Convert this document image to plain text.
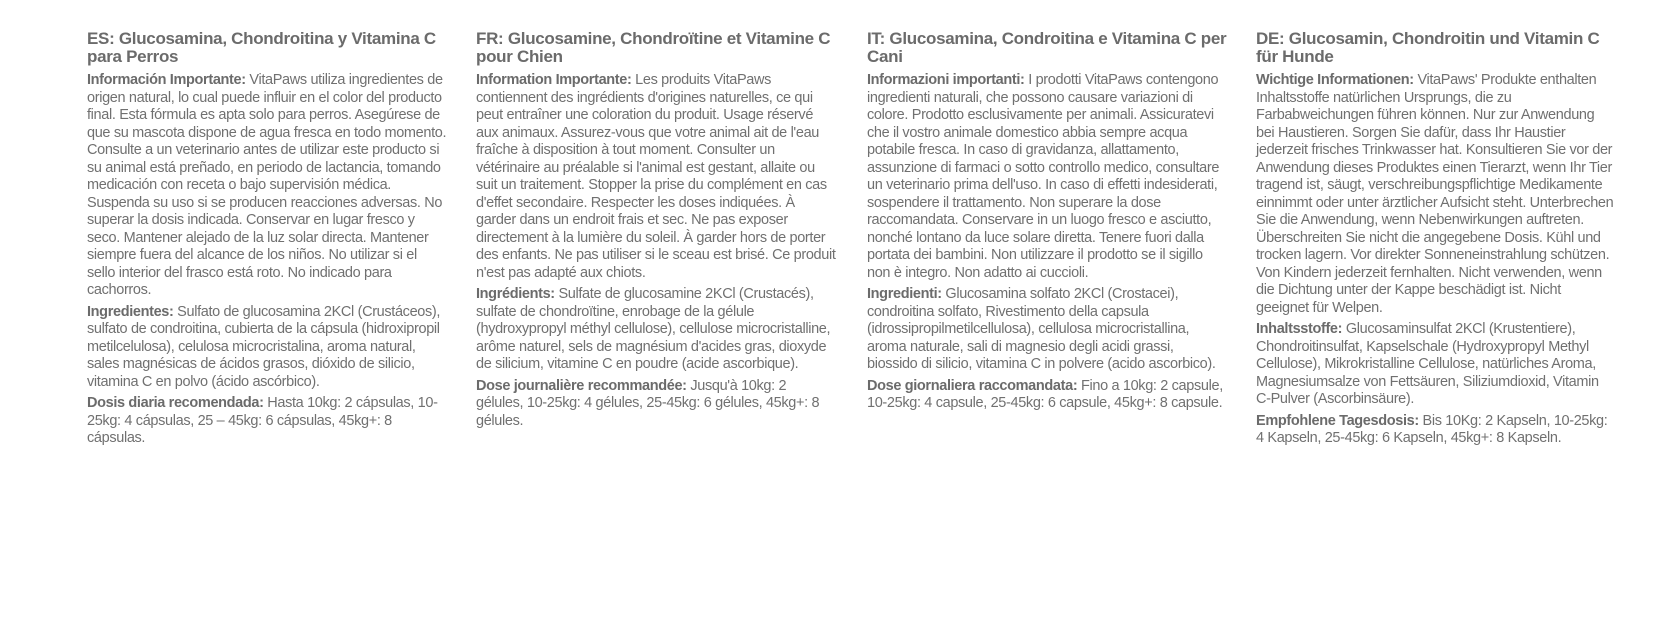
ES: Glucosamina, Chondroitina y Vitamina C para Perros

Información Importante: VitaPaws utiliza ingredientes de origen natural, lo cual puede influir en el color del producto final. Esta fórmula es apta solo para perros. Asegúrese de que su mascota dispone de agua fresca en todo momento. Consulte a un veterinario antes de utilizar este producto si su animal está preñado, en periodo de lactancia, tomando medicación con receta o bajo supervisión médica. Suspenda su uso si se producen reacciones adversas. No superar la dosis indicada. Conservar en lugar fresco y seco. Mantener alejado de la luz solar directa. Mantener siempre fuera del alcance de los niños. No utilizar si el sello interior del frasco está roto. No indicado para cachorros.

Ingredientes: Sulfato de glucosamina 2KCl (Crustáceos), sulfato de condroitina, cubierta de la cápsula (hidroxipropil metilcelulosa), celulosa microcristalina, aroma natural, sales magnésicas de ácidos grasos, dióxido de silicio, vitamina C en polvo (ácido ascórbico).

Dosis diaria recomendada: Hasta 10kg: 2 cápsulas, 10-25kg: 4 cápsulas, 25 – 45kg: 6 cápsulas, 45kg+: 8 cápsulas.

FR: Glucosamine, Chondroïtine et Vitamine C pour Chien

Information Importante: Les produits VitaPaws contiennent des ingrédients d'origines naturelles, ce qui peut entraîner une coloration du produit. Usage réservé aux animaux. Assurez-vous que votre animal ait de l'eau fraîche à disposition à tout moment. Consulter un vétérinaire au préalable si l'animal est gestant, allaite ou suit un traitement. Stopper la prise du complément en cas d'effet secondaire. Respecter les doses indiquées. À garder dans un endroit frais et sec. Ne pas exposer directement à la lumière du soleil. À garder hors de porter des enfants. Ne pas utiliser si le sceau est brisé. Ce produit n'est pas adapté aux chiots.

Ingrédients: Sulfate de glucosamine 2KCl (Crustacés), sulfate de chondroïtine, enrobage de la gélule (hydroxypropyl méthyl cellulose), cellulose microcristalline, arôme naturel, sels de magnésium d'acides gras, dioxyde de silicium, vitamine C en poudre (acide ascorbique).

Dose journalière recommandée: Jusqu'à 10kg: 2 gélules, 10-25kg: 4 gélules, 25-45kg: 6 gélules, 45kg+: 8 gélules.

IT: Glucosamina, Condroitina e Vitamina C per Cani

Informazioni importanti: I prodotti VitaPaws contengono ingredienti naturali, che possono causare variazioni di colore. Prodotto esclusivamente per animali. Assicuratevi che il vostro animale domestico abbia sempre acqua potabile fresca. In caso di gravidanza, allattamento, assunzione di farmaci o sotto controllo medico, consultare un veterinario prima dell'uso. In caso di effetti indesiderati, sospendere il trattamento. Non superare la dose raccomandata. Conservare in un luogo fresco e asciutto, nonché lontano da luce solare diretta. Tenere fuori dalla portata dei bambini. Non utilizzare il prodotto se il sigillo non è integro. Non adatto ai cuccioli.

Ingredienti: Glucosamina solfato 2KCl (Crostacei), condroitina solfato, Rivestimento della capsula (idrossipropilmetilcellulosa), cellulosa microcristallina, aroma naturale, sali di magnesio degli acidi grassi, biossido di silicio, vitamina C in polvere (acido ascorbico).

Dose giornaliera raccomandata: Fino a 10kg: 2 capsule, 10-25kg: 4 capsule, 25-45kg: 6 capsule, 45kg+: 8 capsule.

DE: Glucosamin, Chondroitin und Vitamin C für Hunde

Wichtige Informationen: VitaPaws' Produkte enthalten Inhaltsstoffe natürlichen Ursprungs, die zu Farbabweichungen führen können. Nur zur Anwendung bei Haustieren. Sorgen Sie dafür, dass Ihr Haustier jederzeit frisches Trinkwasser hat. Konsultieren Sie vor der Anwendung dieses Produktes einen Tierarzt, wenn Ihr Tier tragend ist, säugt, verschreibungspflichtige Medikamente einnimmt oder unter ärztlicher Aufsicht steht. Unterbrechen Sie die Anwendung, wenn Nebenwirkungen auftreten. Überschreiten Sie nicht die angegebene Dosis. Kühl und trocken lagern. Vor direkter Sonneneinstrahlung schützen. Von Kindern jederzeit fernhalten. Nicht verwenden, wenn die Dichtung unter der Kappe beschädigt ist. Nicht geeignet für Welpen.

Inhaltsstoffe: Glucosaminsulfat 2KCl (Krustentiere), Chondroitinsulfat, Kapselschale (Hydroxypropyl Methyl Cellulose), Mikrokristalline Cellulose, natürliches Aroma, Magnesiumsalze von Fettsäuren, Siliziumdioxid, Vitamin C-Pulver (Ascorbinsäure).

Empfohlene Tagesdosis: Bis 10Kg: 2 Kapseln, 10-25kg: 4 Kapseln, 25-45kg: 6 Kapseln, 45kg+: 8 Kapseln.
